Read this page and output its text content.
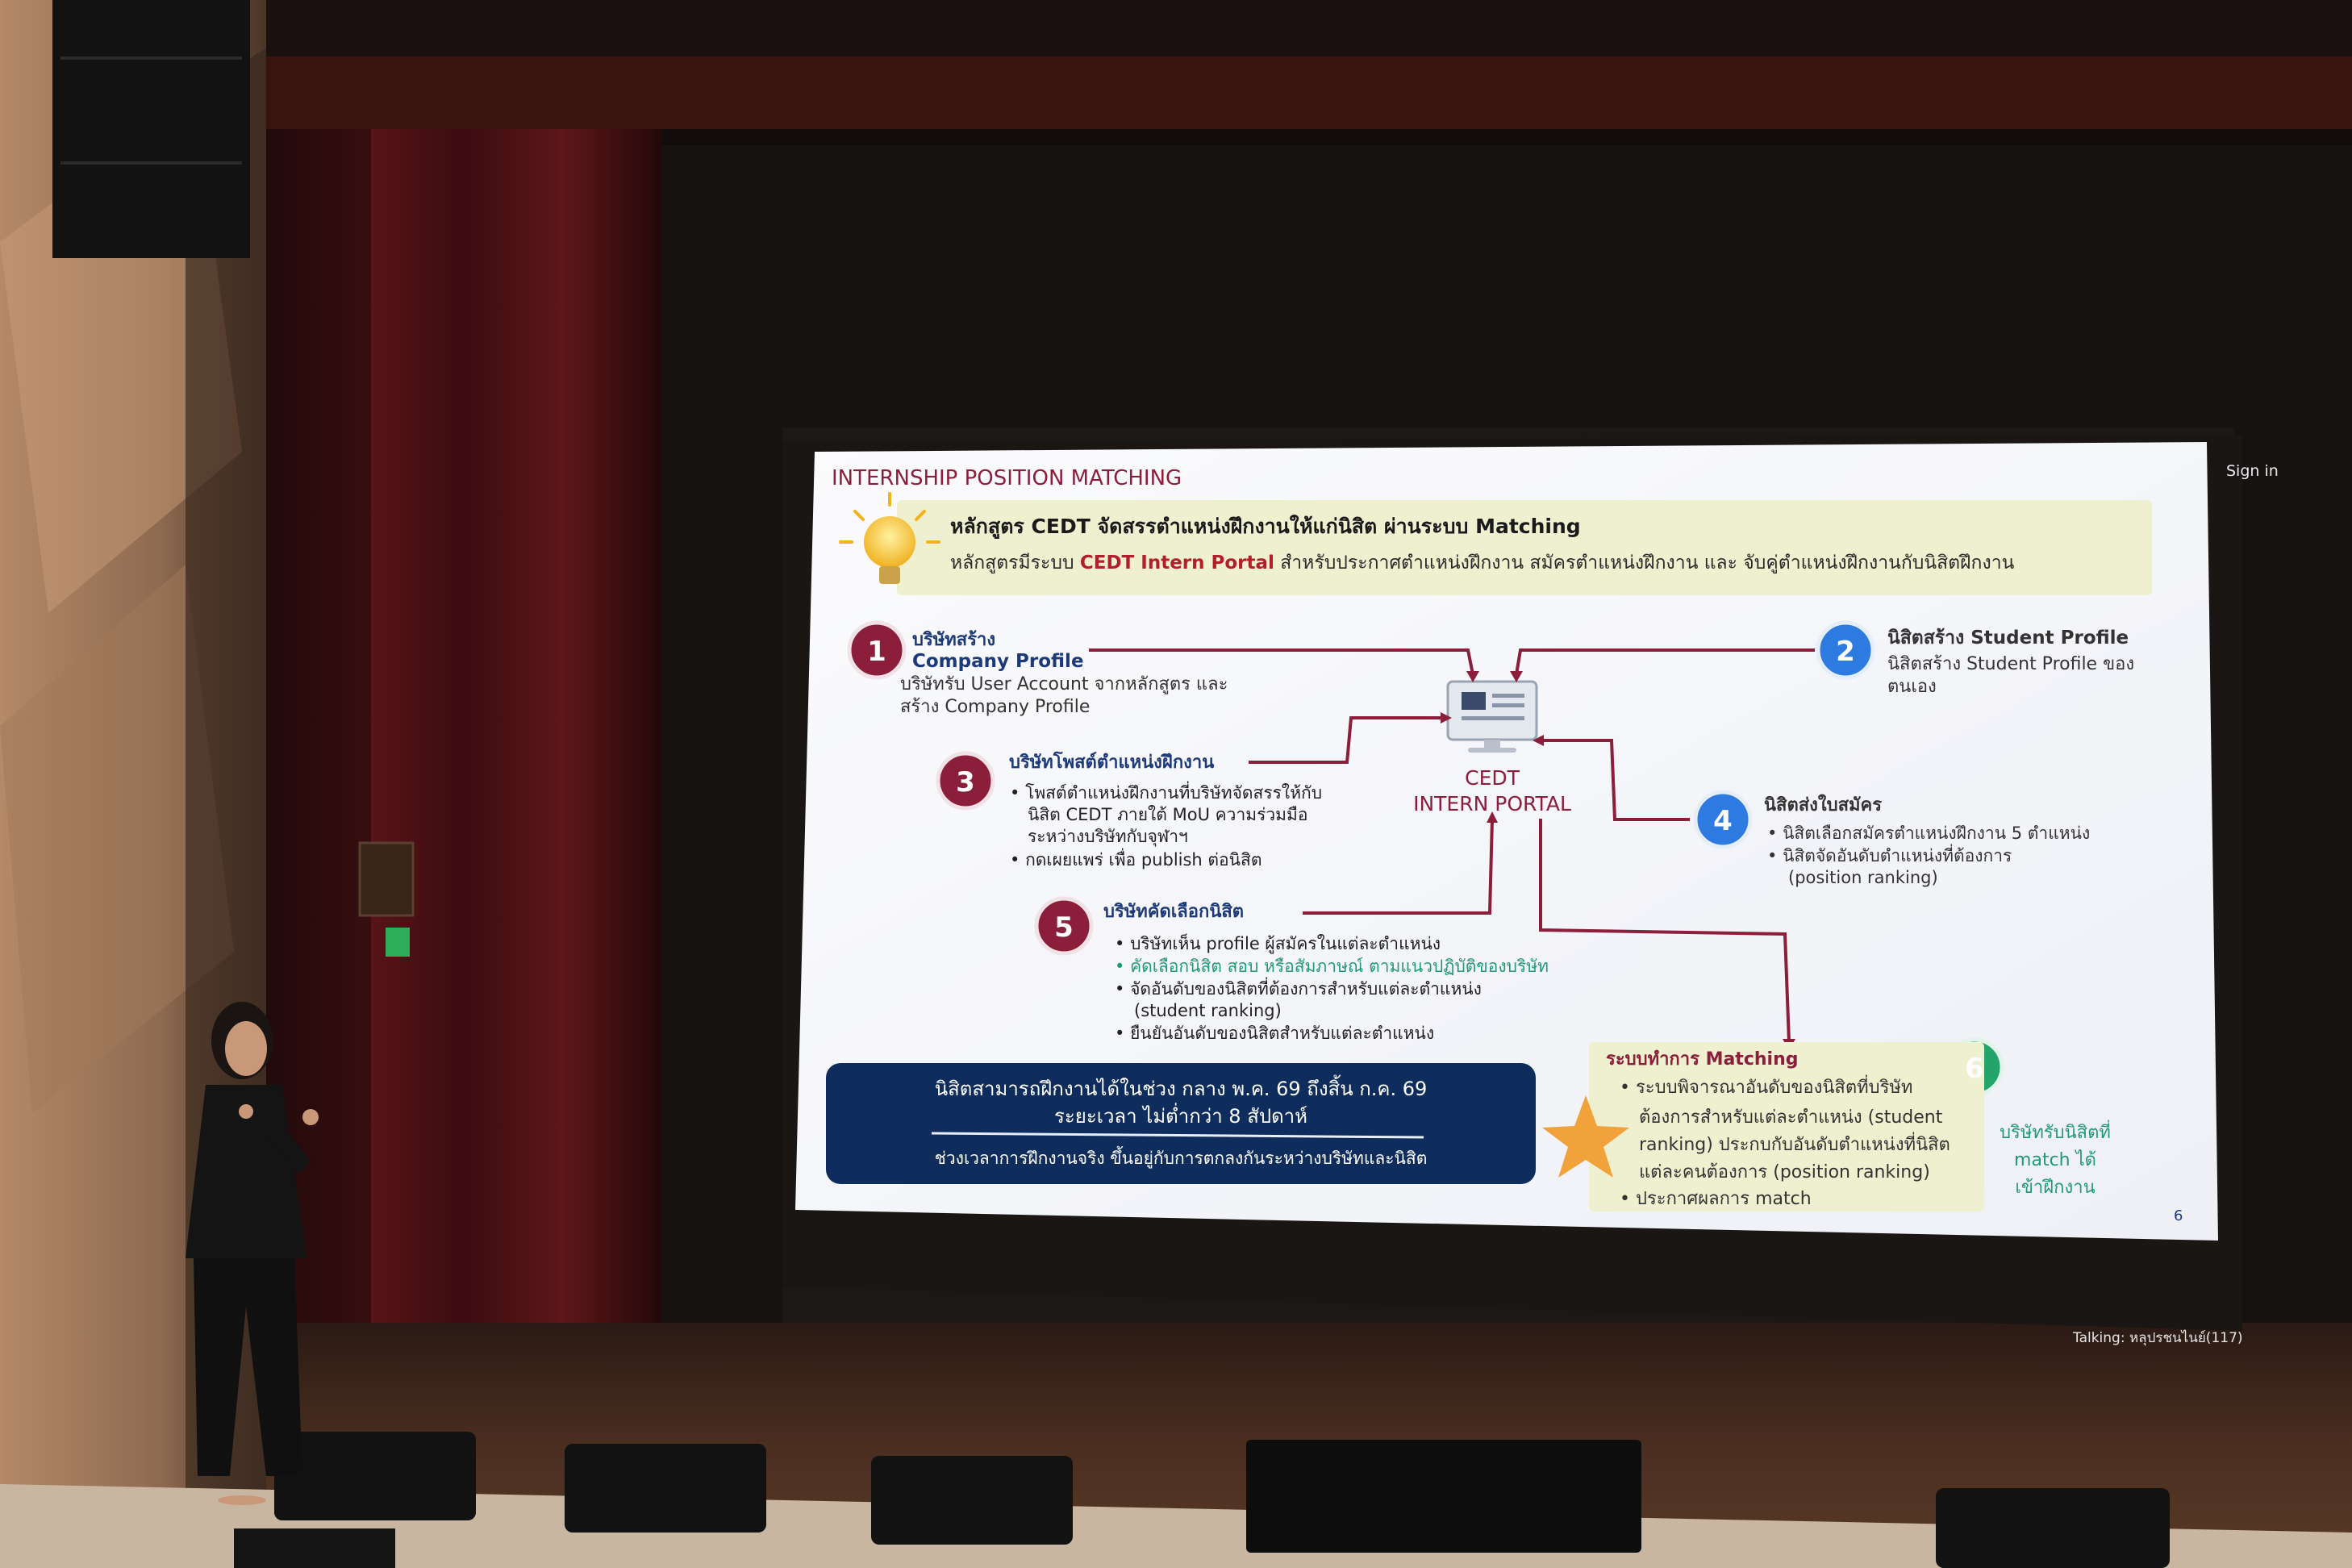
INTERNSHIP POSITION MATCHING
หลักสูตร CEDT จัดสรรตำแหน่งฝึกงานให้แก่นิสิต ผ่านระบบ Matching
หลักสูตรมีระบบ CEDT Intern Portal สำหรับประกาศตำแหน่งฝึกงาน สมัครตำแหน่งฝึกงาน และ จับคู่ตำแหน่งฝึกงานกับนิสิตฝึกงาน
1 บริษัทสร้าง
Company Profile
บริษัทรับ User Account จากหลักสูตร และ
สร้าง Company Profile
2 นิสิตสร้าง Student Profile
นิสิตสร้าง Student Profile ของ
ตนเอง
3
บริษัทโพสต์ตำแหน่งฝึกงาน
• โพสต์ตำแหน่งฝึกงานที่บริษัทจัดสรรให้กับ
นิสิต CEDT ภายใต้ MoU ความร่วมมือ
ระหว่างบริษัทกับจุฬาฯ
• กดเผยแพร่ เพื่อ publish ต่อนิสิต
CEDT
INTERN PORTAL
4 นิสิตส่งใบสมัคร
• นิสิตเลือกสมัครตำแหน่งฝึกงาน 5 ตำแหน่ง
• นิสิตจัดอันดับตำแหน่งที่ต้องการ
(position ranking)
5 บริษัทคัดเลือกนิสิต
• บริษัทเห็น profile ผู้สมัครในแต่ละตำแหน่ง
• คัดเลือกนิสิต สอบ หรือสัมภาษณ์ ตามแนวปฏิบัติของบริษัท
• จัดอันดับของนิสิตที่ต้องการสำหรับแต่ละตำแหน่ง
(student ranking)
• ยืนยันอันดับของนิสิตสำหรับแต่ละตำแหน่ง
นิสิตสามารถฝึกงานได้ในช่วง กลาง พ.ค. 69 ถึงสิ้น ก.ค. 69
ระยะเวลา ไม่ต่ำกว่า 8 สัปดาห์
ช่วงเวลาการฝึกงานจริง ขึ้นอยู่กับการตกลงกันระหว่างบริษัทและนิสิต
ระบบทำการ Matching
• ระบบพิจารณาอันดับของนิสิตที่บริษัท
ต้องการสำหรับแต่ละตำแหน่ง (student
ranking) ประกบกับอันดับตำแหน่งที่นิสิต
แต่ละคนต้องการ (position ranking)
• ประกาศผลการ match
6
บริษัทรับนิสิตที่
match ได้
เข้าฝึกงาน
6
Sign in
Talking: หลุปรชนไนย์(117)
